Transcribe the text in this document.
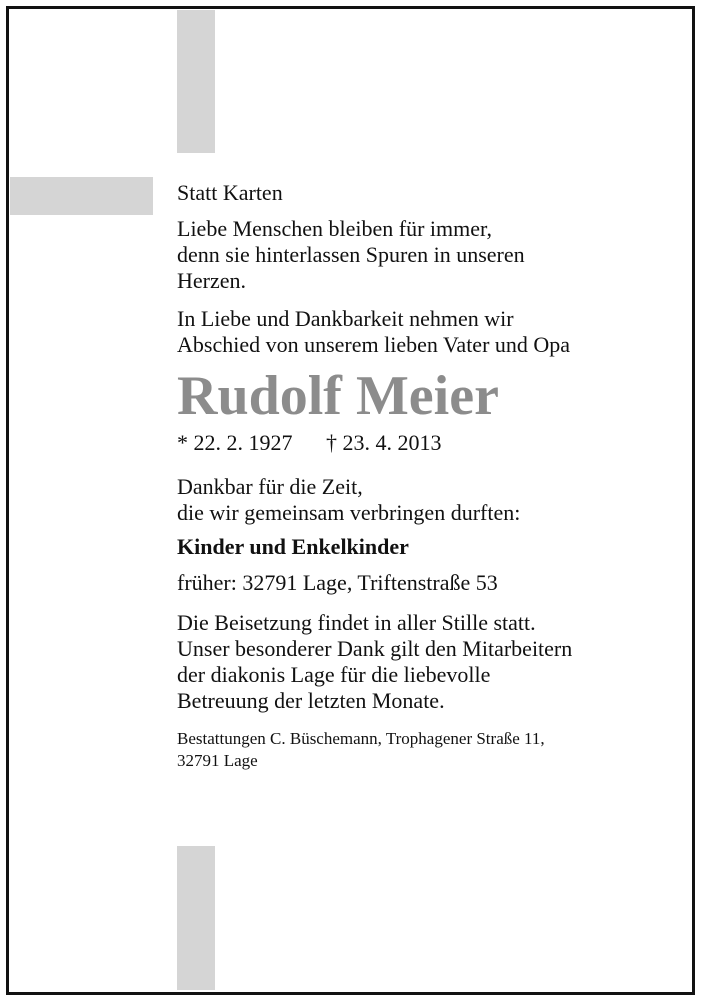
Statt Karten
Liebe Menschen bleiben für immer,
denn sie hinterlassen Spuren in unseren
Herzen.
In Liebe und Dankbarkeit nehmen wir
Abschied von unserem lieben Vater und Opa
Rudolf Meier
* 22. 2. 1927 † 23. 4. 2013
Dankbar für die Zeit,
die wir gemeinsam verbringen durften:
Kinder und Enkelkinder
früher: 32791 Lage, Triftenstraße 53
Die Beisetzung findet in aller Stille statt.
Unser besonderer Dank gilt den Mitarbeitern
der diakonis Lage für die liebevolle
Betreuung der letzten Monate.
Bestattungen C. Büschemann, Trophagener Straße 11,
32791 Lage
